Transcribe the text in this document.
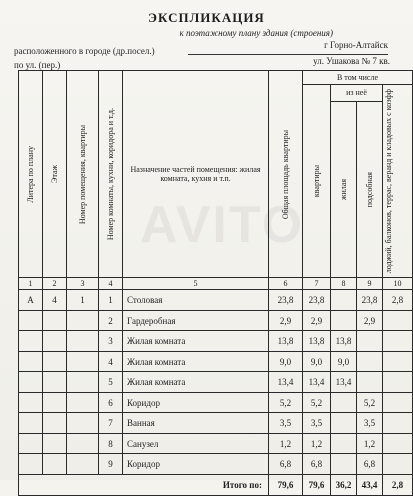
AVITO
ЭКСПЛИКАЦИЯ
к поэтажному плану здания (строения)
расположенного в городе (др.посел.)
г Горно-Алтайск
по ул. (пер.)	ул. Ушакова № 7 кв.
Литера по плану	Этаж	Номер помещения, квартиры	Номер комнаты, кухни, коридора и т.д.	Назначение частей помещения: жилая комната, кухня и т.п.	Общая площадь квартиры	В том числе			

						квартиры	из неё		лоджий, балконов, террас, веранд и кладовых с коэфф

							жилая	подсобная	

1	2	3	4	5	6	7	8	9	10
А	4	1	1	Столовая	23,8	23,8		23,8	2,8
			2	Гардеробная	2,9	2,9		2,9	
			3	Жилая комната	13,8	13,8	13,8		
			4	Жилая комната	9,0	9,0	9,0		
			5	Жилая комната	13,4	13,4	13,4		
			6	Коридор	5,2	5,2		5,2	
			7	Ванная	3,5	3,5		3,5	
			8	Санузел	1,2	1,2		1,2	
			9	Коридор	6,8	6,8		6,8	
Итого по:					79,6	79,6	36,2	43,4	2,8
